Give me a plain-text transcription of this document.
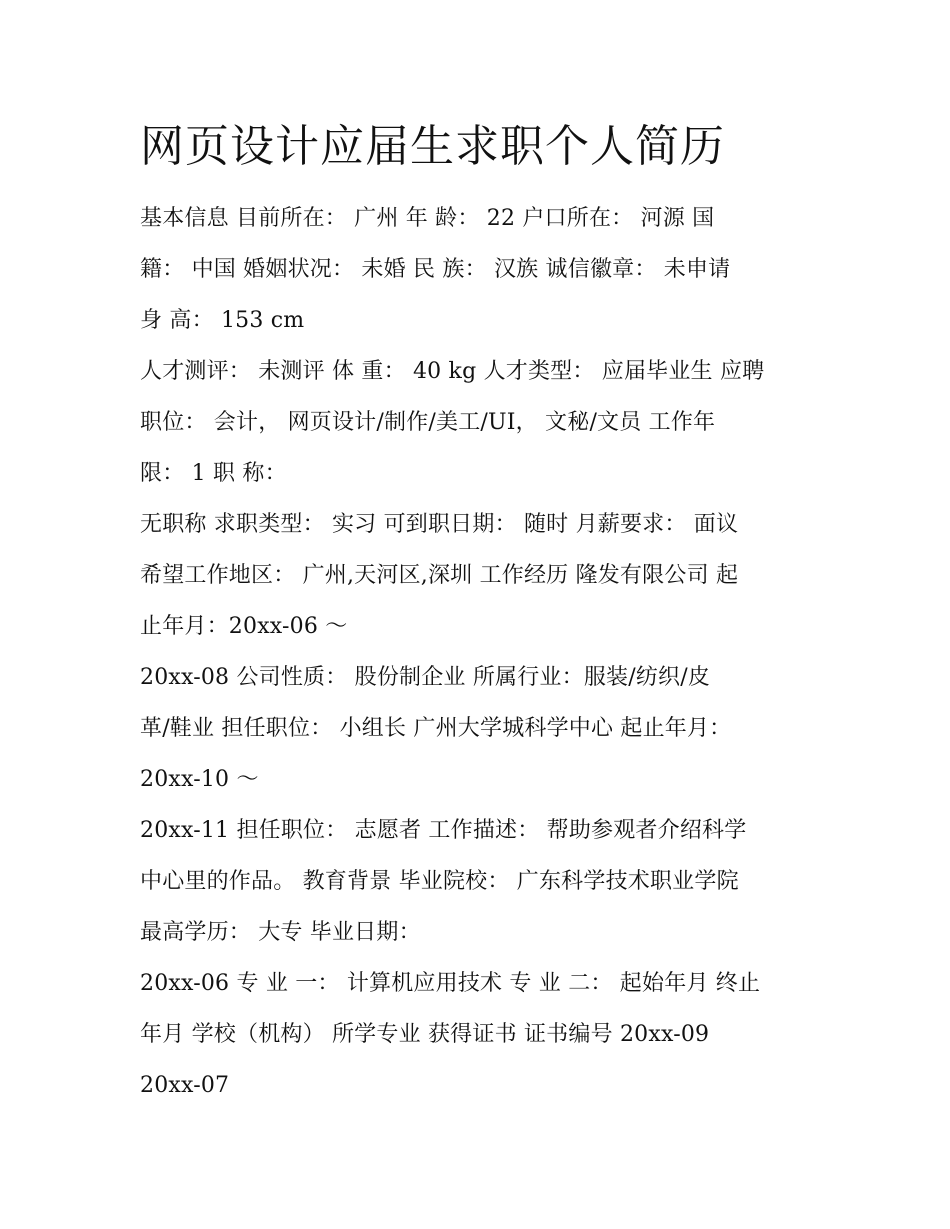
网页设计应届生求职个人简历
基本信息 目前所在： 广州 年 龄： 22 户口所在： 河源 国
籍： 中国 婚姻状况： 未婚 民 族： 汉族 诚信徽章： 未申请
身 高： 153 cm
人才测评： 未测评 体 重： 40 kg 人才类型： 应届毕业生 应聘
职位： 会计， 网页设计/制作/美工/UI， 文秘/文员 工作年
限： 1 职 称：
无职称 求职类型： 实习 可到职日期： 随时 月薪要求： 面议
希望工作地区： 广州,天河区,深圳 工作经历 隆发有限公司 起
止年月：20xx-06 ～
20xx-08 公司性质： 股份制企业 所属行业：服装/纺织/皮
革/鞋业 担任职位： 小组长 广州大学城科学中心 起止年月：
20xx-10 ～
20xx-11 担任职位： 志愿者 工作描述： 帮助参观者介绍科学
中心里的作品。 教育背景 毕业院校： 广东科学技术职业学院
最高学历： 大专 毕业日期：
20xx-06 专 业 一： 计算机应用技术 专 业 二： 起始年月 终止
年月 学校（机构） 所学专业 获得证书 证书编号 20xx-09
20xx-07
